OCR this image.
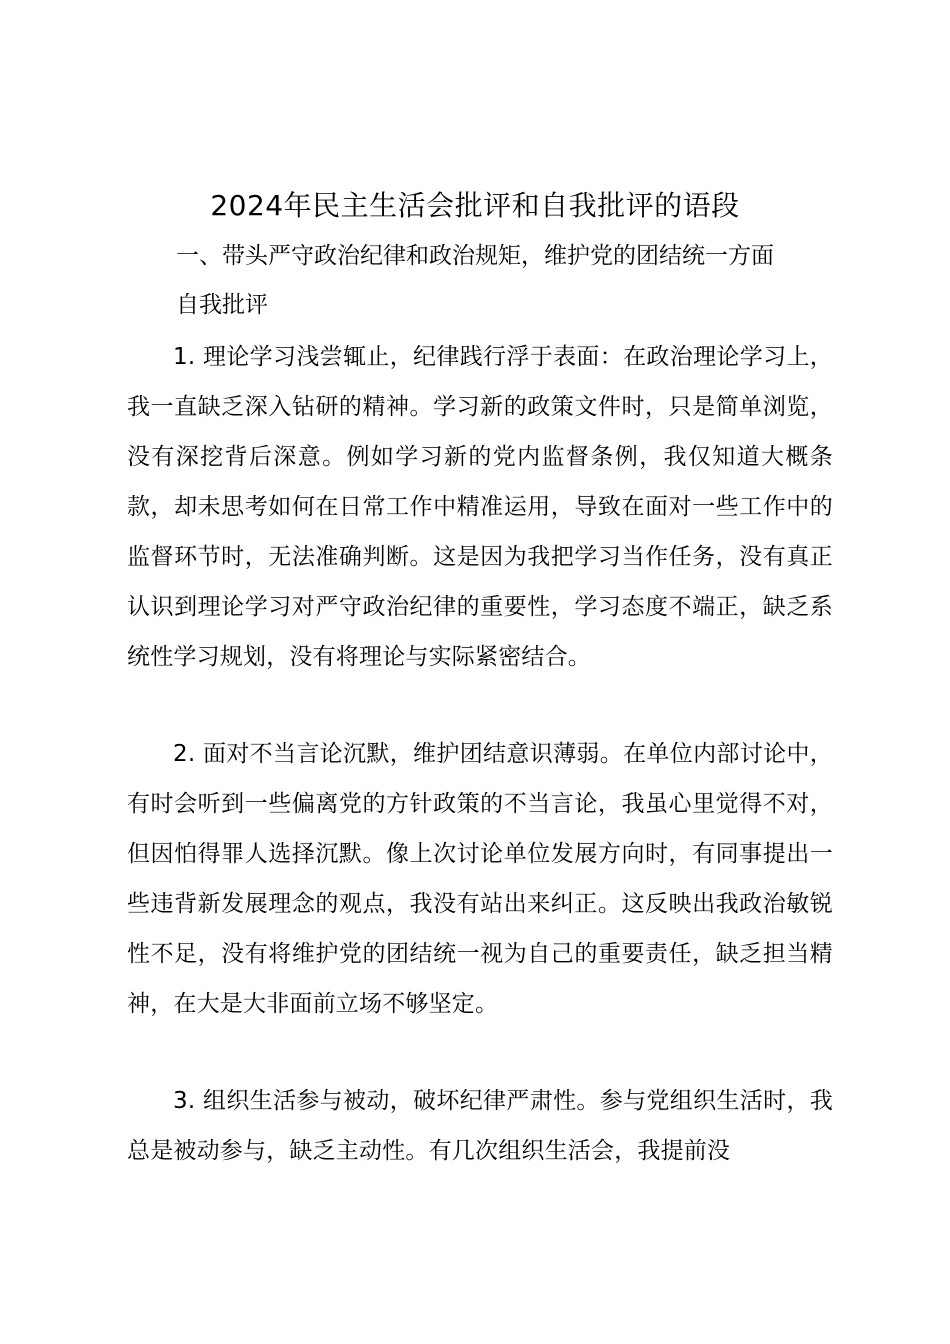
2024年民主生活会批评和自我批评的语段
一、带头严守政治纪律和政治规矩，维护党的团结统一方面
自我批评
1. 理论学习浅尝辄止，纪律践行浮于表面：在政治理论学习上，我一直缺乏深入钻研的精神。学习新的政策文件时，只是简单浏览，没有深挖背后深意。例如学习新的党内监督条例，我仅知道大概条款，却未思考如何在日常工作中精准运用，导致在面对一些工作中的监督环节时，无法准确判断。这是因为我把学习当作任务，没有真正认识到理论学习对严守政治纪律的重要性，学习态度不端正，缺乏系统性学习规划，没有将理论与实际紧密结合。
2. 面对不当言论沉默，维护团结意识薄弱。在单位内部讨论中，有时会听到一些偏离党的方针政策的不当言论，我虽心里觉得不对，但因怕得罪人选择沉默。像上次讨论单位发展方向时，有同事提出一些违背新发展理念的观点，我没有站出来纠正。这反映出我政治敏锐性不足，没有将维护党的团结统一视为自己的重要责任，缺乏担当精神，在大是大非面前立场不够坚定。
3. 组织生活参与被动，破坏纪律严肃性。参与党组织生活时，我总是被动参与，缺乏主动性。有几次组织生活会，我提前没
